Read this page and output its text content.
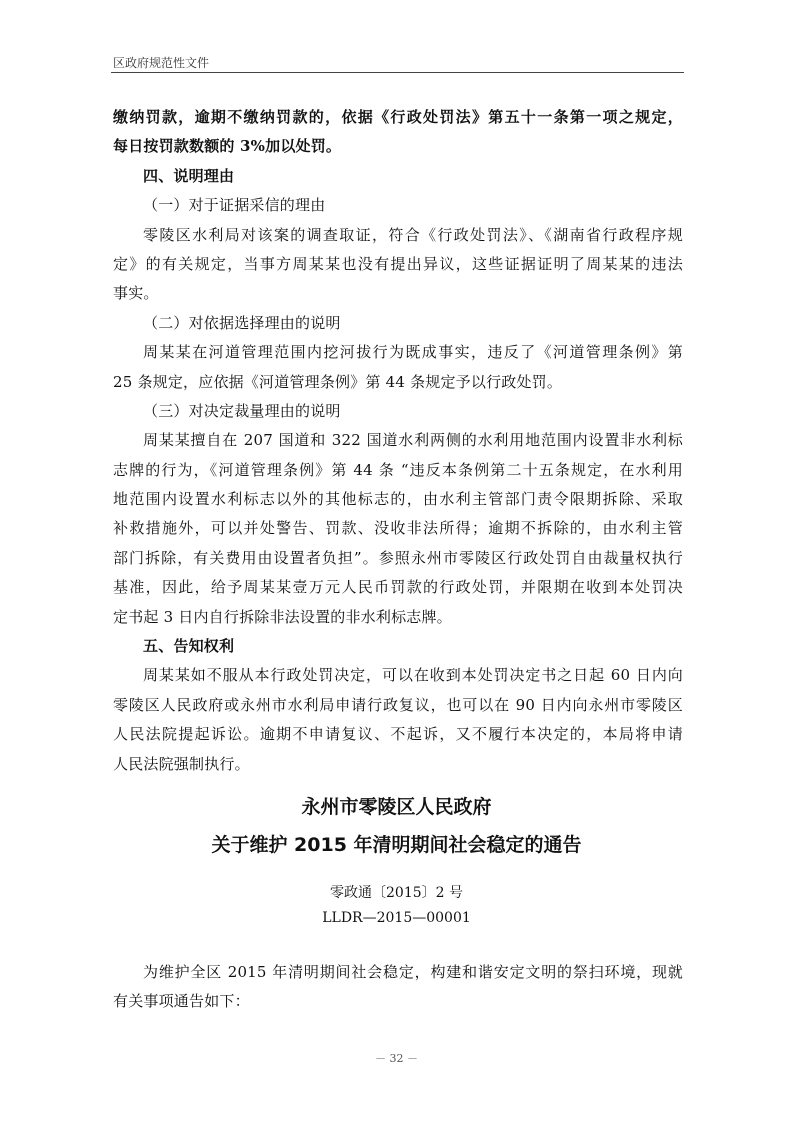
区政府规范性文件
缴纳罚款，逾期不缴纳罚款的，依据《行政处罚法》第五十一条第一项之规定，
每日按罚款数额的 3%加以处罚。
四、说明理由
（一）对于证据采信的理由
零陵区水利局对该案的调查取证，符合《行政处罚法》、《湖南省行政程序规
定》的有关规定，当事方周某某也没有提出异议，这些证据证明了周某某的违法
事实。
（二）对依据选择理由的说明
周某某在河道管理范围内挖河拔行为既成事实，违反了《河道管理条例》第
25 条规定，应依据《河道管理条例》第 44 条规定予以行政处罚。
（三）对决定裁量理由的说明
周某某擅自在 207 国道和 322 国道水利两侧的水利用地范围内设置非水利标
志牌的行为，《河道管理条例》第 44 条 “违反本条例第二十五条规定，在水利用
地范围内设置水利标志以外的其他标志的，由水利主管部门责令限期拆除、采取
补救措施外，可以并处警告、罚款、没收非法所得；逾期不拆除的，由水利主管
部门拆除，有关费用由设置者负担”。参照永州市零陵区行政处罚自由裁量权执行
基准，因此，给予周某某壹万元人民币罚款的行政处罚，并限期在收到本处罚决
定书起 3 日内自行拆除非法设置的非水利标志牌。
五、告知权利
周某某如不服从本行政处罚决定，可以在收到本处罚决定书之日起 60 日内向
零陵区人民政府或永州市水利局申请行政复议，也可以在 90 日内向永州市零陵区
人民法院提起诉讼。逾期不申请复议、不起诉，又不履行本决定的，本局将申请
人民法院强制执行。
永州市零陵区人民政府
关于维护 2015 年清明期间社会稳定的通告
零政通〔2015〕2 号
LLDR—2015—00001
为维护全区 2015 年清明期间社会稳定，构建和谐安定文明的祭扫环境，现就
有关事项通告如下：
－ 32 －
